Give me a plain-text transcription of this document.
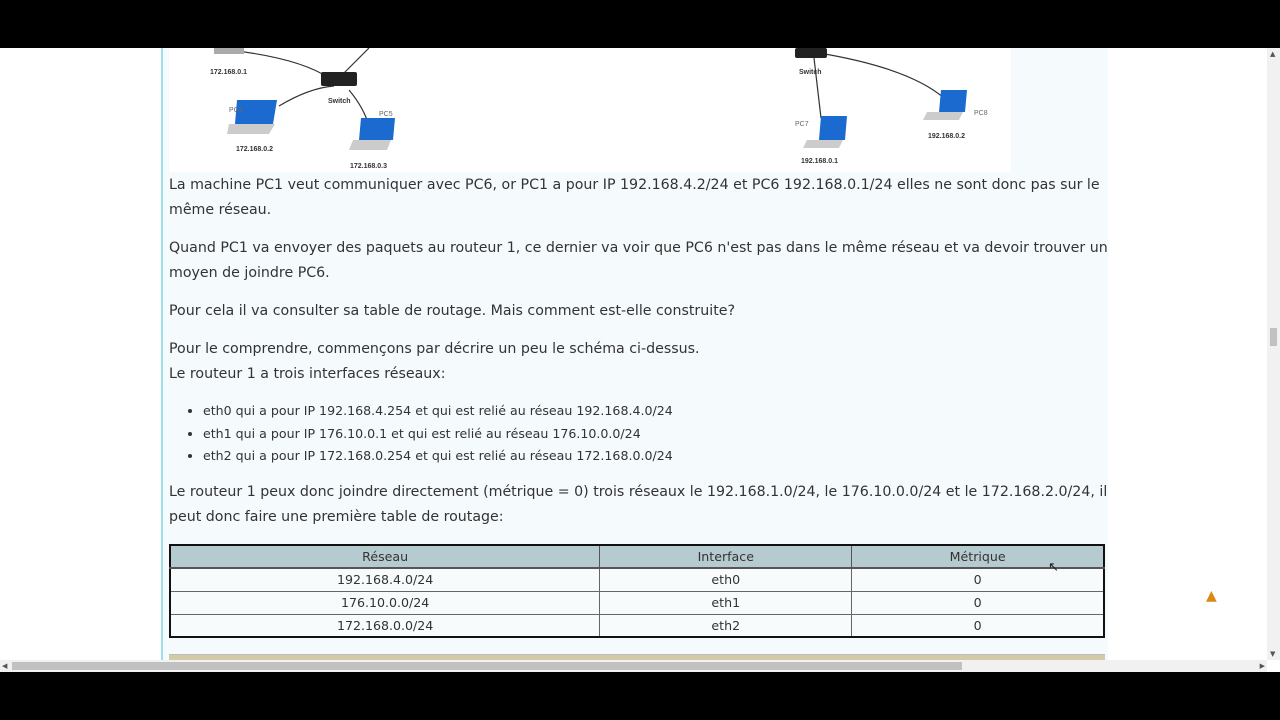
172.168.0.1
Switch
172.168.0.2
172.168.0.3
Switch
192.168.0.1
192.168.0.2
PC4
PC5
PC7
PC8

La machine PC1 veut communiquer avec PC6, or PC1 a pour IP 192.168.4.2/24 et PC6 192.168.0.1/24 elles ne sont donc pas sur le même réseau.

Quand PC1 va envoyer des paquets au routeur 1, ce dernier va voir que PC6 n'est pas dans le même réseau et va devoir trouver un moyen de joindre PC6.

Pour cela il va consulter sa table de routage. Mais comment est-elle construite?

Pour le comprendre, commençons par décrire un peu le schéma ci-dessus.

Le routeur 1 a trois interfaces réseaux:

• eth0 qui a pour IP 192.168.4.254 et qui est relié au réseau 192.168.4.0/24
• eth1 qui a pour IP 176.10.0.1 et qui est relié au réseau 176.10.0.0/24
• eth2 qui a pour IP 172.168.0.254 et qui est relié au réseau 172.168.0.0/24

Le routeur 1 peux donc joindre directement (métrique = 0) trois réseaux le 192.168.1.0/24, le 176.10.0.0/24 et le 172.168.2.0/24, il peut donc faire une première table de routage:

Réseau	Interface	Métrique
192.168.4.0/24	eth0	0
176.10.0.0/24	eth1	0
172.168.0.0/24	eth2	0
▲
↖
▲
▼
◀	▶
